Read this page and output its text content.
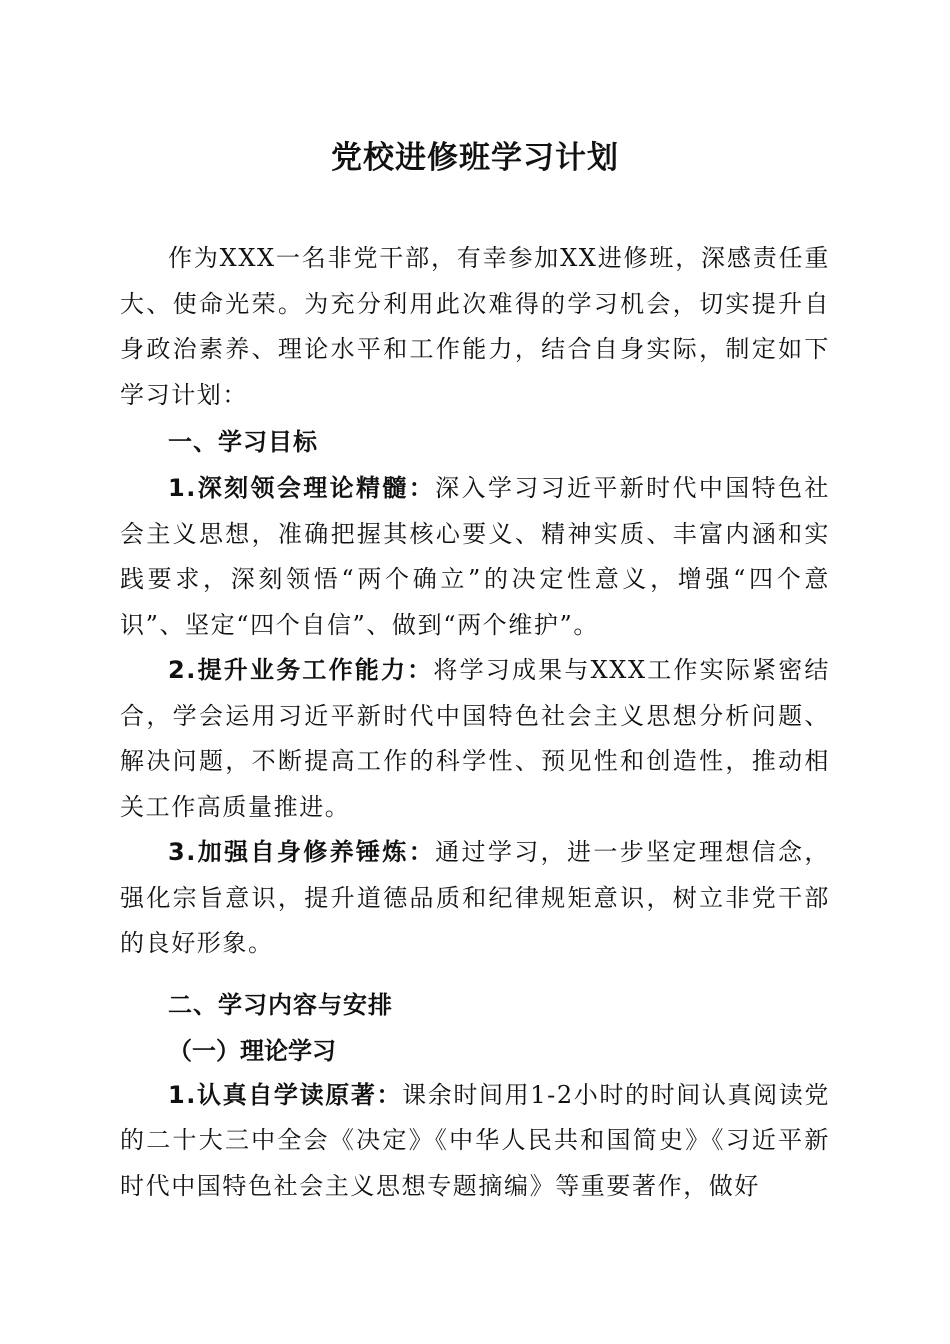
党校进修班学习计划

作为XXX一名非党干部，有幸参加XX进修班，深感责任重大、使命光荣。为充分利用此次难得的学习机会，切实提升自身政治素养、理论水平和工作能力，结合自身实际，制定如下学习计划：

一、学习目标

1.深刻领会理论精髓：深入学习习近平新时代中国特色社会主义思想，准确把握其核心要义、精神实质、丰富内涵和实践要求，深刻领悟“两个确立”的决定性意义，增强“四个意识”、坚定“四个自信”、做到“两个维护”。

2.提升业务工作能力：将学习成果与XXX工作实际紧密结合，学会运用习近平新时代中国特色社会主义思想分析问题、解决问题，不断提高工作的科学性、预见性和创造性，推动相关工作高质量推进。

3.加强自身修养锤炼：通过学习，进一步坚定理想信念，强化宗旨意识，提升道德品质和纪律规矩意识，树立非党干部的良好形象。

二、学习内容与安排

（一）理论学习

1.认真自学读原著：课余时间用1-2小时的时间认真阅读党的二十大三中全会《决定》《中华人民共和国简史》《习近平新时代中国特色社会主义思想专题摘编》等重要著作，做好
